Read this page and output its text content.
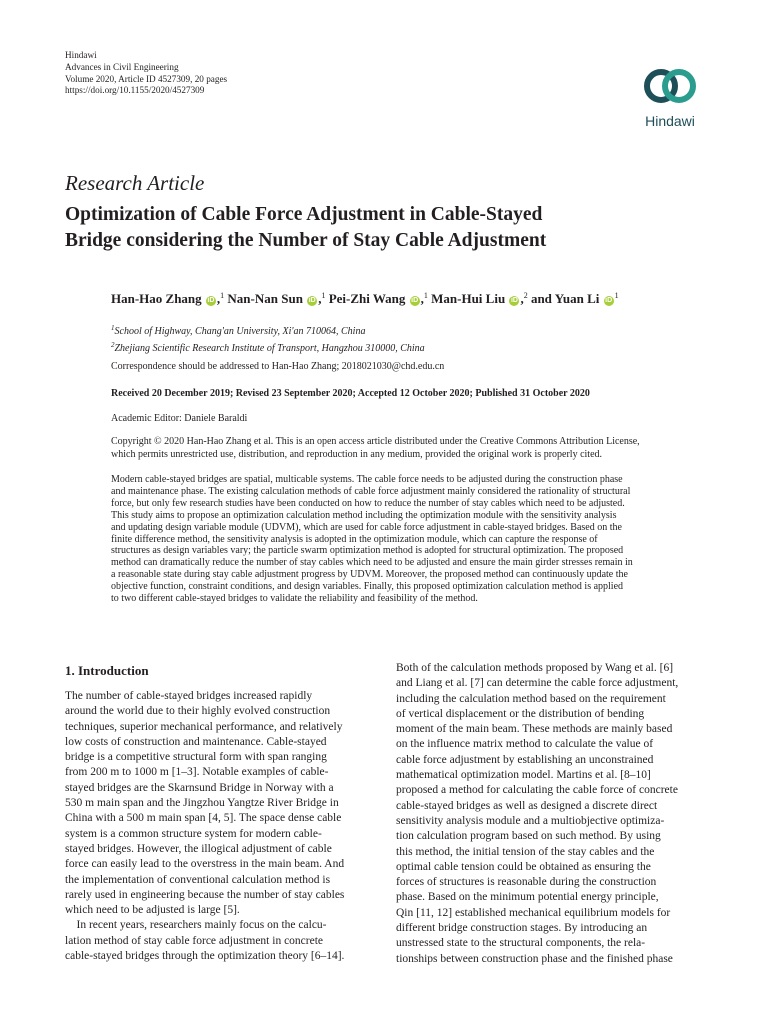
Hindawi
Advances in Civil Engineering
Volume 2020, Article ID 4527309, 20 pages
https://doi.org/10.1155/2020/4527309
Hindawi
Research Article
Optimization of Cable Force Adjustment in Cable-Stayed
Bridge considering the Number of Stay Cable Adjustment
Han-Hao Zhang iD ,$^1$ Nan-Nan Sun iD ,$^1$ Pei-Zhi Wang iD ,$^1$ Man-Hui Liu iD ,$^2$ and Yuan Li $iD^1$
$^1$School of Highway, Chang'an University, Xi'an 710064, China
$^2$Zhejiang Scientific Research Institute of Transport, Hangzhou 310000, China
Correspondence should be addressed to Han-Hao Zhang; 2018021030@chd.edu.cn
Received 20 December 2019; Revised 23 September 2020; Accepted 12 October 2020; Published 31 October 2020
Academic Editor: Daniele Baraldi
Copyright © 2020 Han-Hao Zhang et al. This is an open access article distributed under the Creative Commons Attribution License,
which permits unrestricted use, distribution, and reproduction in any medium, provided the original work is properly cited.
Modern cable-stayed bridges are spatial, multicable systems. The cable force needs to be adjusted during the construction phase
and maintenance phase. The existing calculation methods of cable force adjustment mainly considered the rationality of structural
force, but only few research studies have been conducted on how to reduce the number of stay cables which need to be adjusted.
This study aims to propose an optimization calculation method including the optimization module with the sensitivity analysis
and updating design variable module (UDVM), which are used for cable force adjustment in cable-stayed bridges. Based on the
finite difference method, the sensitivity analysis is adopted in the optimization module, which can capture the response of
structures as design variables vary; the particle swarm optimization method is adopted for structural optimization. The proposed
method can dramatically reduce the number of stay cables which need to be adjusted and ensure the main girder stresses remain in
a reasonable state during stay cable adjustment progress by UDVM. Moreover, the proposed method can continuously update the
objective function, constraint conditions, and design variables. Finally, this proposed optimization calculation method is applied
to two different cable-stayed bridges to validate the reliability and feasibility of the method.
1. Introduction
The number of cable-stayed bridges increased rapidly
around the world due to their highly evolved construction
techniques, superior mechanical performance, and relatively
low costs of construction and maintenance. Cable-stayed
bridge is a competitive structural form with span ranging
from 200 m to 1000 m [1–3]. Notable examples of cable-
stayed bridges are the Skarnsund Bridge in Norway with a
530 m main span and the Jingzhou Yangtze River Bridge in
China with a 500 m main span [4, 5]. The space dense cable
system is a common structure system for modern cable-
stayed bridges. However, the illogical adjustment of cable
force can easily lead to the overstress in the main beam. And
the implementation of conventional calculation method is
rarely used in engineering because the number of stay cables
which need to be adjusted is large [5].
In recent years, researchers mainly focus on the calcu-
lation method of stay cable force adjustment in concrete
cable-stayed bridges through the optimization theory [6–14].
Both of the calculation methods proposed by Wang et al. [6]
and Liang et al. [7] can determine the cable force adjustment,
including the calculation method based on the requirement
of vertical displacement or the distribution of bending
moment of the main beam. These methods are mainly based
on the influence matrix method to calculate the value of
cable force adjustment by establishing an unconstrained
mathematical optimization model. Martins et al. [8–10]
proposed a method for calculating the cable force of concrete
cable-stayed bridges as well as designed a discrete direct
sensitivity analysis module and a multiobjective optimiza-
tion calculation program based on such method. By using
this method, the initial tension of the stay cables and the
optimal cable tension could be obtained as ensuring the
forces of structures is reasonable during the construction
phase. Based on the minimum potential energy principle,
Qin [11, 12] established mechanical equilibrium models for
different bridge construction stages. By introducing an
unstressed state to the structural components, the rela-
tionships between construction phase and the finished phase
